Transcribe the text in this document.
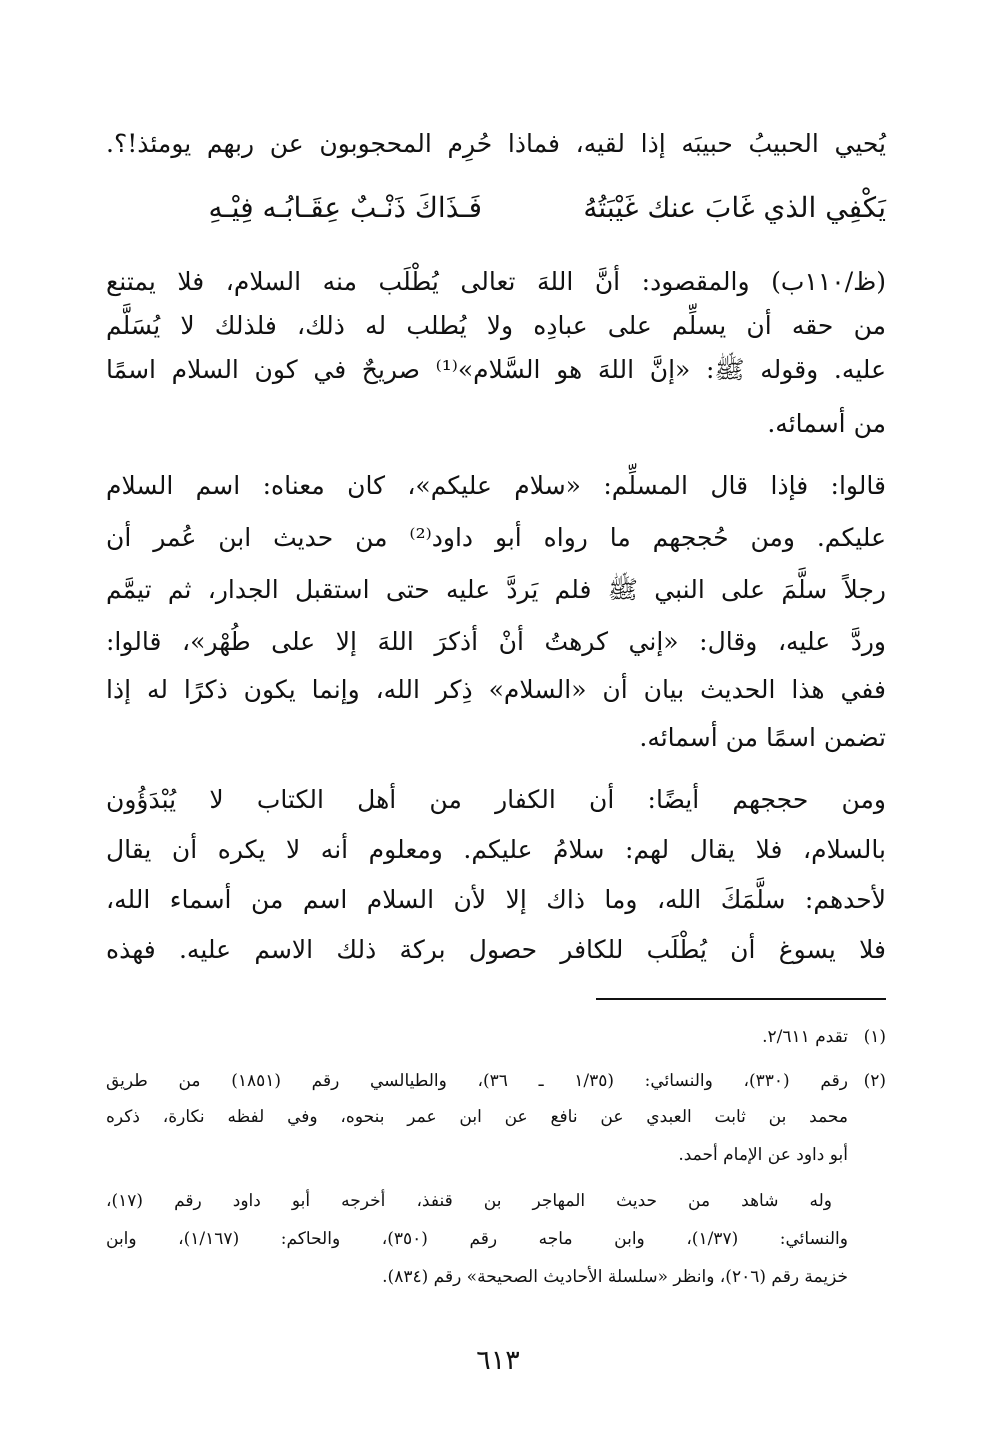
يُحيي الحبيبُ حبيبَه إذا لقيه، فماذا حُرِم المحجوبون عن ربهم يومئذ!؟.
يَكْفِي الذي غَابَ عنك غَيْبَتُهُ
فَـذَاكَ ذَنْـبٌ عِقَـابُـه فِيْـهِ
(ظ/١١٠ب) والمقصود: أنَّ اللهَ تعالى يُطْلَب منه السلام، فلا يمتنع
من حقه أن يسلِّم على عبادِه ولا يُطلب له ذلك، فلذلك لا يُسَلَّم
عليه. وقوله ﷺ: «إنَّ اللهَ هو السَّلام»⁽¹⁾ صريحٌ في كون السلام اسمًا
من أسمائه.
قالوا: فإذا قال المسلِّم: «سلام عليكم»، كان معناه: اسم السلام
عليكم. ومن حُججهم ما رواه أبو داود⁽²⁾ من حديث ابن عُمر أن
رجلاً سلَّمَ على النبي ﷺ فلم يَردَّ عليه حتى استقبل الجدار، ثم تيمَّم
وردَّ عليه، وقال: «إني كرهتُ أنْ أذكرَ اللهَ إلا على طُهْر»، قالوا:
ففي هذا الحديث بيان أن «السلام» ذِكر الله، وإنما يكون ذكرًا له إذا
تضمن اسمًا من أسمائه.
ومن حججهم أيضًا: أن الكفار من أهل الكتاب لا يُبْدَؤُون
بالسلام، فلا يقال لهم: سلامُ عليكم. ومعلوم أنه لا يكره أن يقال
لأحدهم: سلَّمَكَ الله، وما ذاك إلا لأن السلام اسم من أسماء الله،
فلا يسوغ أن يُطْلَب للكافر حصول بركة ذلك الاسم عليه. فهذه
(١)
تقدم ٢/٦١١.
(٢)
رقم (٣٣٠)، والنسائي: (١/٣٥ ـ ٣٦)، والطيالسي رقم (١٨٥١) من طريق
محمد بن ثابت العبدي عن نافع عن ابن عمر بنحوه، وفي لفظه نكارة، ذكره
أبو داود عن الإمام أحمد.
وله شاهد من حديث المهاجر بن قنفذ، أخرجه أبو داود رقم (١٧)،
والنسائي: (١/٣٧)، وابن ماجه رقم (٣٥٠)، والحاكم: (١/١٦٧)، وابن
خزيمة رقم (٢٠٦)، وانظر «سلسلة الأحاديث الصحيحة» رقم (٨٣٤).
٦١٣
